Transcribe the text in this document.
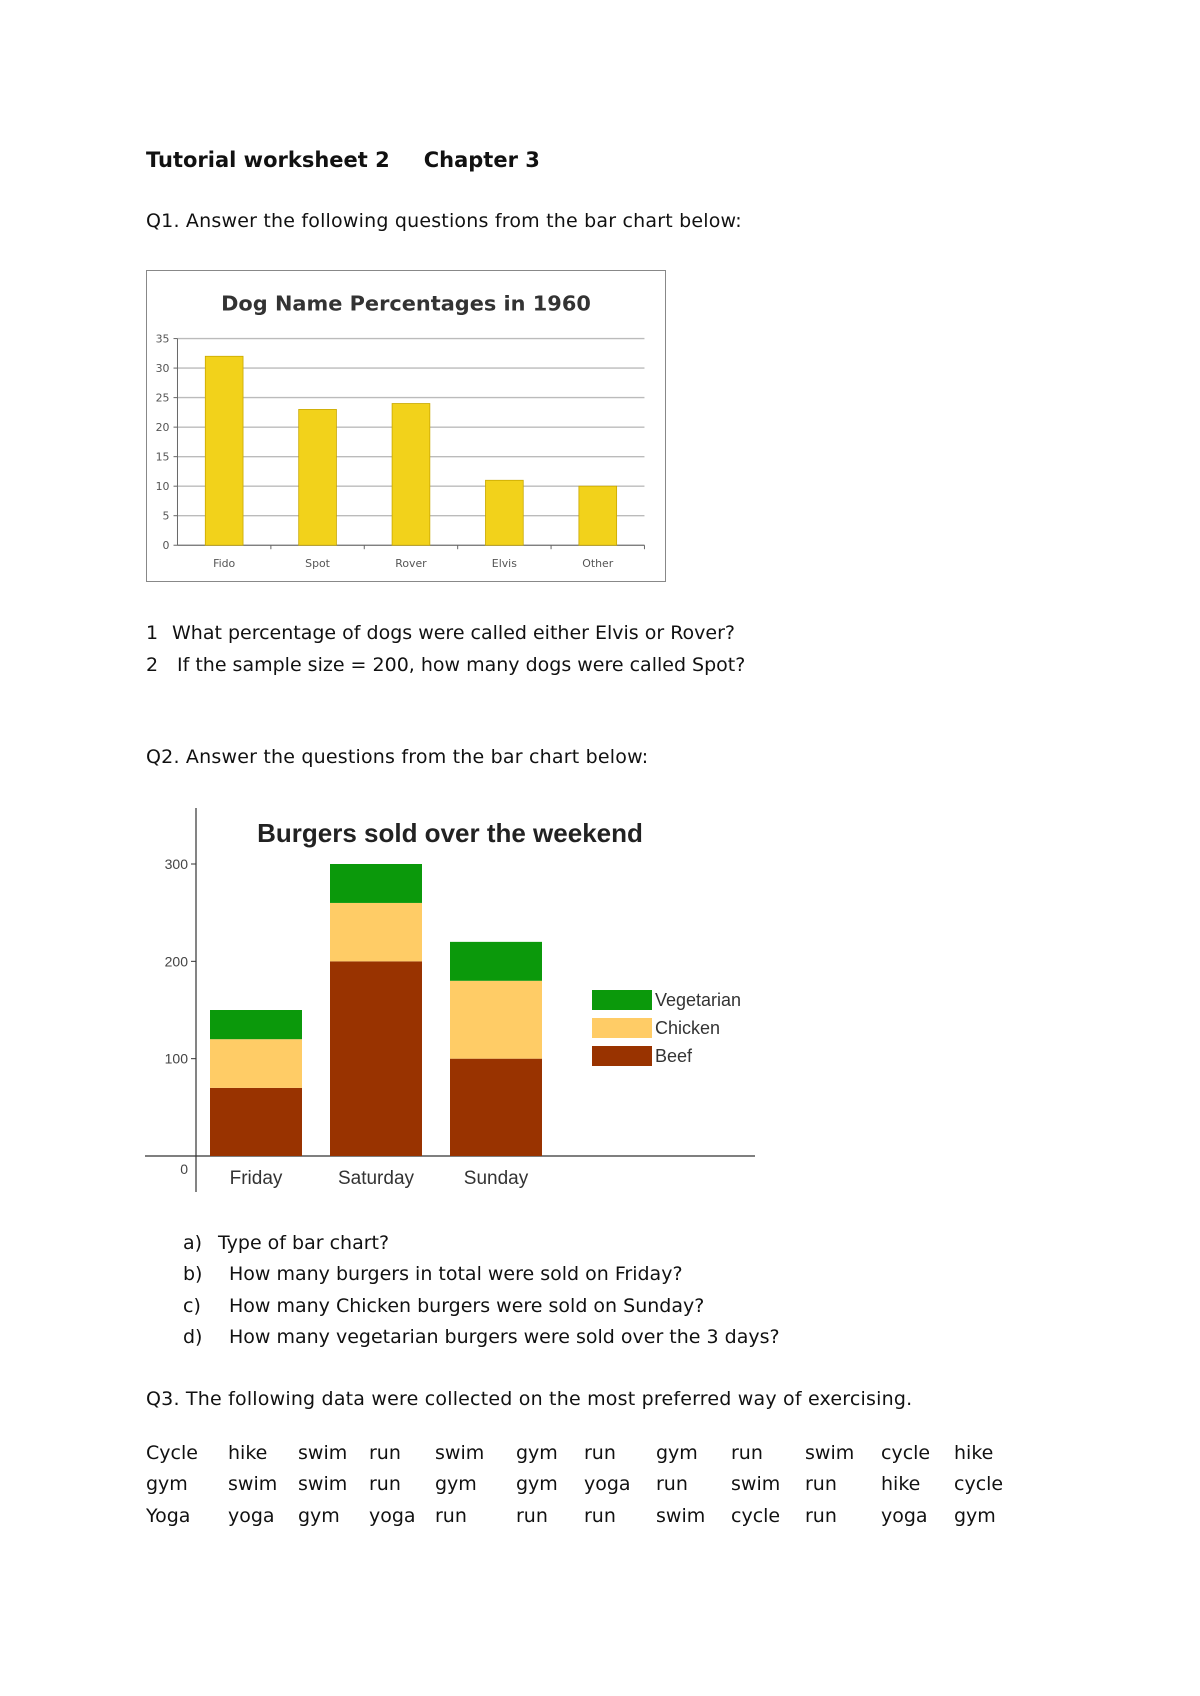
Tutorial worksheet 2 Chapter 3
Q1. Answer the following questions from the bar chart below:
Dog Name Percentages in 1960
0
5
10
15
20
25
30
35
Fido	Spot	Rover	Elvis	Other
1 What percentage of dogs were called either Elvis or Rover?
2 If the sample size = 200, how many dogs were called Spot?
Q2. Answer the questions from the bar chart below:
Burgers sold over the weekend
0
100
200
300
Friday	Saturday	Sunday
Vegetarian
Chicken
Beef
a) Type of bar chart?
b) How many burgers in total were sold on Friday?
c) How many Chicken burgers were sold on Sunday?
d) How many vegetarian burgers were sold over the 3 days?
Q3. The following data were collected on the most preferred way of exercising.
Cycle hike swim run swim gym run gym run swim cycle hike
gym swim swim run gym gym yoga run swim run hike cycle
Yoga yoga gym yoga run	run run swim cycle run yoga gym
